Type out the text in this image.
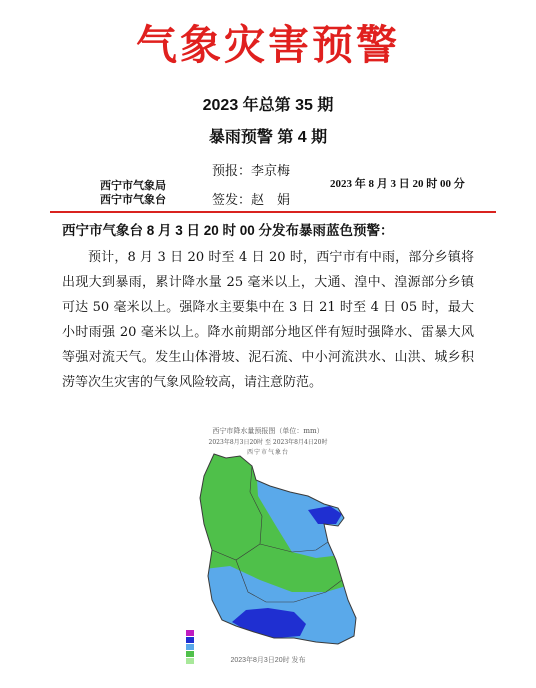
气象灾害预警
2023 年总第 35 期
暴雨预警 第 4 期
预报：李京梅
西宁市气象局	2023 年 8 月 3 日 20 时 00 分
西宁市气象台	签发：赵　娟
西宁市气象台 8 月 3 日 20 时 00 分发布暴雨蓝色预警：
预计，8 月 3 日 20 时至 4 日 20 时，西宁市有中雨，部分乡镇将出现大到暴雨，累计降水量 25 毫米以上，大通、湟中、湟源部分乡镇可达 50 毫米以上。强降水主要集中在 3 日 21 时至 4 日 05 时，最大小时雨强 20 毫米以上。降水前期部分地区伴有短时强降水、雷暴大风等强对流天气。发生山体滑坡、泥石流、中小河流洪水、山洪、城乡积涝等次生灾害的气象风险较高，请注意防范。
西宁市降水量预报图（单位：mm）
2023年8月3日20时 至 2023年8月4日20时
西宁市气象台
2023年8月3日20时 发布
